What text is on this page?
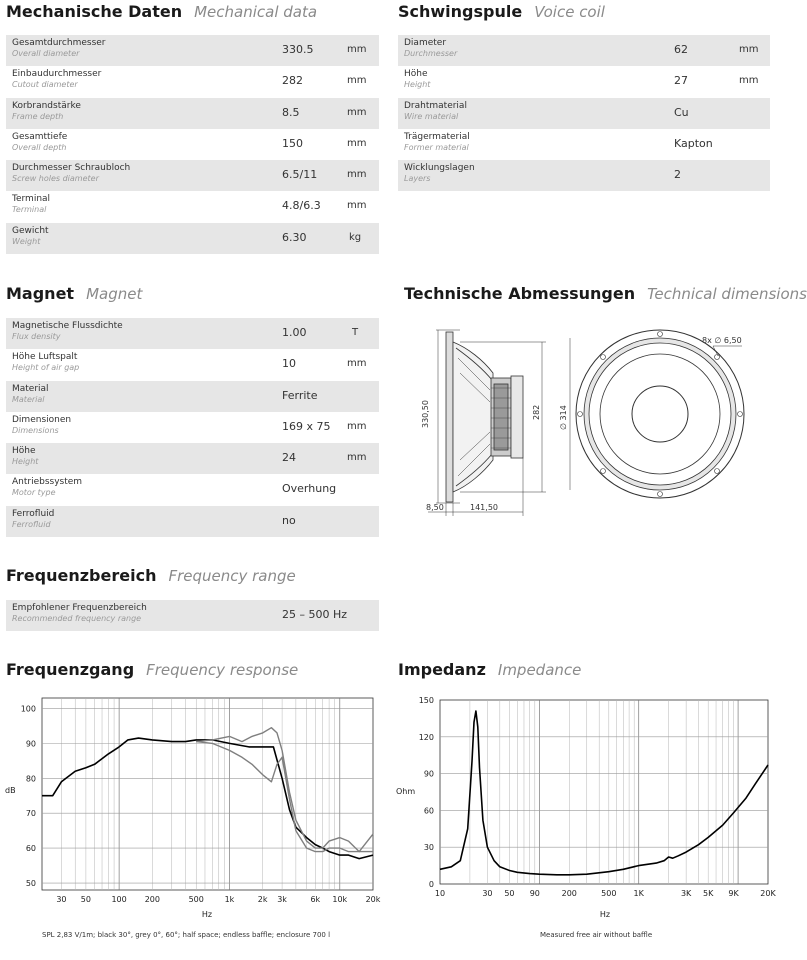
Mechanische Daten Mechanical data	Schwingspule Voice coil
Magnet Magnet	Technische Abmessungen Technical dimensions
Frequenzbereich Frequency range
Frequenzgang Frequency response	Impedanz Impedance
Gesamtdurchmesser
Overall diameter	330.5	mm
Einbaudurchmesser
Cutout diameter	282	mm
Korbrandstärke
Frame depth	8.5	mm
Gesamttiefe
Overall depth	150	mm
Durchmesser Schraubloch
Screw holes diameter	6.5/11	mm
Terminal
Terminal	4.8/6.3	mm
Gewicht
Weight	6.30	kg
Diameter
Durchmesser	62	mm
Höhe
Height	27	mm
Drahtmaterial
Wire material	Cu
Trägermaterial
Former material	Kapton
Wicklungslagen
Layers	2
Magnetische Flussdichte
Flux density	1.00	T
Höhe Luftspalt
Height of air gap	10	mm
Material
Material	Ferrite
Dimensionen
Dimensions	169 x 75 mm
Höhe
Height	24	mm
Antriebssystem
Motor type	Overhung
Ferrofluid
Ferrofluid	no
Empfohlener Frequenzbereich
Recommended frequency range	25 – 500 Hz
330,50	282
8,50	141,50
8x ∅ 6,50
∅ 314
50
60
70
80
90
100
30 50	100 200	500	1k	2k 3k	6k 10k 20k
Hz
dB
0
30
60
90
120
150
10	30 50 90	200	500 1K	3K 5K 9K	20K
Hz
Ohm
SPL 2,83 V/1m; black 30°, grey 0°, 60°; half space; endless baffle; enclosure 700 l	Measured free air without baffle
